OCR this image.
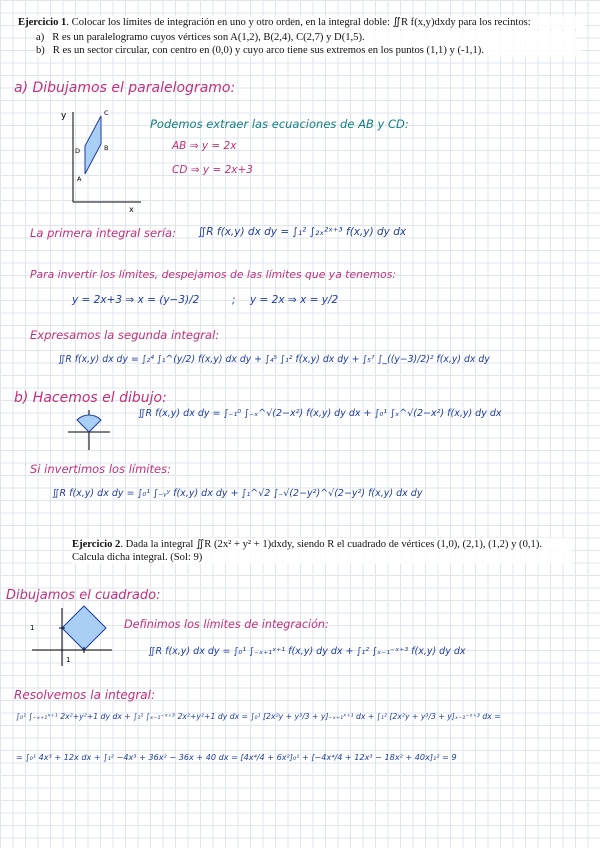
Ejercicio 1. Colocar los límites de integración en uno y otro orden, en la integral doble: ∬R f(x,y)dxdy para los recintos:
a) R es un paralelogramo cuyos vértices son A(1,2), B(2,4), C(2,7) y D(1,5).
b) R es un sector circular, con centro en (0,0) y cuyo arco tiene sus extremos en los puntos (1,1) y (-1,1).
a) Dibujamos el paralelogramo:
y
x
A
B
C
D
Podemos extraer las ecuaciones de AB y CD:
AB ⇒ y = 2x
CD ⇒ y = 2x+3
La primera integral sería: ∬R f(x,y) dx dy = ∫₁² ∫₂ₓ²ˣ⁺³ f(x,y) dy dx
Para invertir los límites, despejamos de las límites que ya tenemos:
y = 2x+3 ⇒ x = (y−3)/2	; y = 2x ⇒ x = y/2
Expresamos la segunda integral:
∬R f(x,y) dx dy = ∫₂⁴ ∫₁^(y/2) f(x,y) dx dy + ∫₄⁵ ∫₁² f(x,y) dx dy + ∫₅⁷ ∫_((y−3)/2)² f(x,y) dx dy
b) Hacemos el dibujo:
∬R f(x,y) dx dy = ∫₋₁⁰ ∫₋ₓ^√(2−x²) f(x,y) dy dx + ∫₀¹ ∫ₓ^√(2−x²) f(x,y) dy dx
Si invertimos los límites:
∬R f(x,y) dx dy = ∫₀¹ ∫₋ᵧʸ f(x,y) dx dy + ∫₁^√2 ∫₋√(2−y²)^√(2−y²) f(x,y) dx dy
Ejercicio 2. Dada la integral ∬R (2x² + y² + 1)dxdy, siendo R el cuadrado de vértices (1,0), (2,1), (1,2) y (0,1). Calcula dicha integral. (Sol: 9)
Dibujamos el cuadrado:
1
1
Definimos los límites de integración:
∬R f(x,y) dx dy = ∫₀¹ ∫₋ₓ₊₁ˣ⁺¹ f(x,y) dy dx + ∫₁² ∫ₓ₋₁⁻ˣ⁺³ f(x,y) dy dx
Resolvemos la integral:
∫₀¹ ∫₋ₓ₊₁ˣ⁺¹ 2x²+y²+1 dy dx + ∫₁² ∫ₓ₋₁⁻ˣ⁺³ 2x²+y²+1 dy dx = ∫₀¹ [2x²y + y³/3 + y]₋ₓ₊₁ˣ⁺¹ dx + ∫₁² [2x²y + y³/3 + y]ₓ₋₁⁻ˣ⁺³ dx =
= ∫₀¹ 4x³ + 12x dx + ∫₁² −4x³ + 36x² − 36x + 40 dx = [4x⁴/4 + 6x²]₀¹ + [−4x⁴/4 + 12x³ − 18x² + 40x]₁² = 9
